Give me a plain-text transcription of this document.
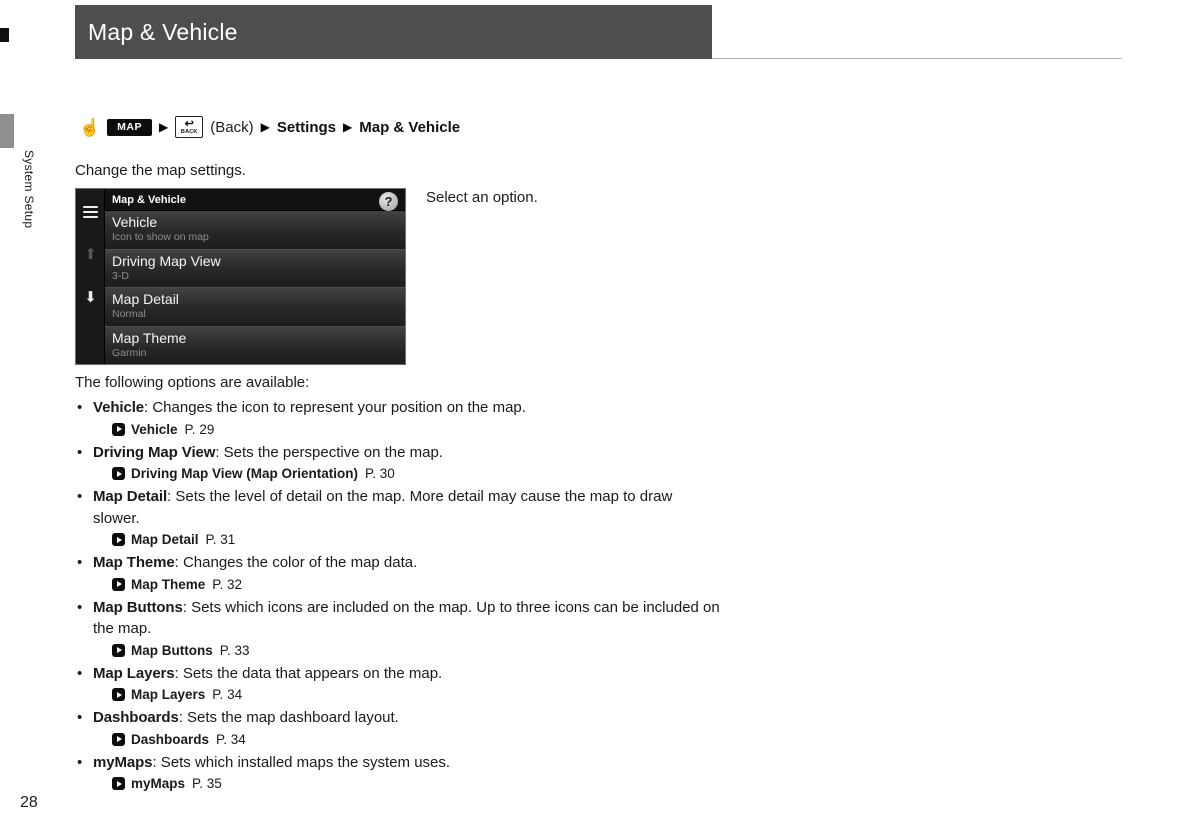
Map & Vehicle
System Setup
☝	MAP	▶ ↩
BACK (Back) ▶ Settings ▶ Map & Vehicle
Change the map settings.
⬆
⬇
Map & Vehicle	?
Vehicle
Icon to show on map
Driving Map View
3-D
Map Detail
Normal
Map Theme
Garmin
Select an option.
The following options are available:
• Vehicle: Changes the icon to represent your position on the map.
Vehicle P. 29
• Driving Map View: Sets the perspective on the map.
Driving Map View (Map Orientation) P. 30
• Map Detail: Sets the level of detail on the map. More detail may cause the map to draw slower.
Map Detail P. 31
• Map Theme: Changes the color of the map data.
Map Theme P. 32
• Map Buttons: Sets which icons are included on the map. Up to three icons can be included on the map.
Map Buttons P. 33
• Map Layers: Sets the data that appears on the map.
Map Layers P. 34
• Dashboards: Sets the map dashboard layout.
Dashboards P. 34
• myMaps: Sets which installed maps the system uses.
myMaps P. 35
28
